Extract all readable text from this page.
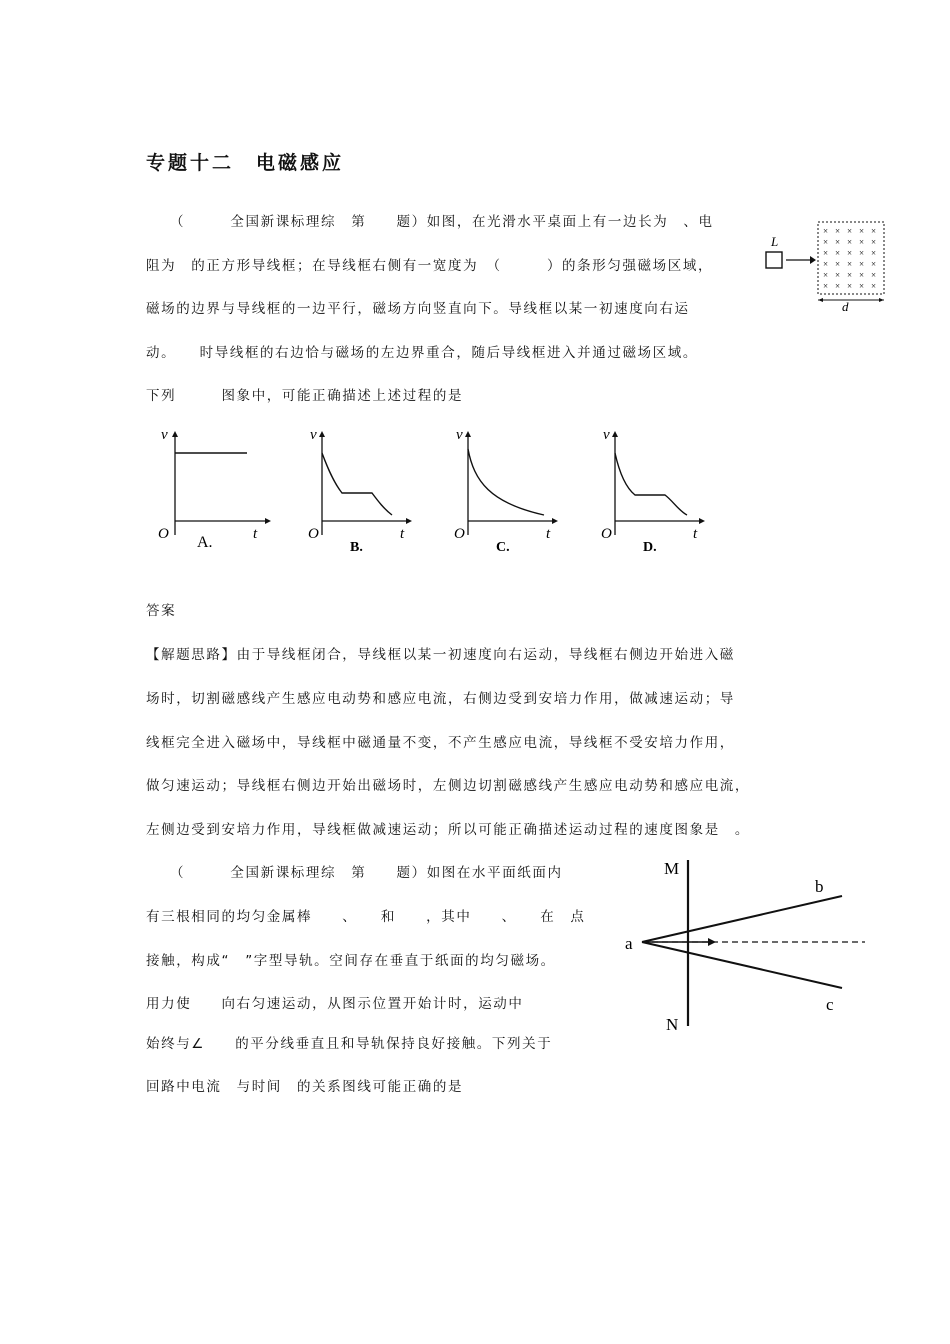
专题十二　电磁感应
（　　　全国新课标理综　第　　题）如图，在光滑水平桌面上有一边长为　、电
阻为　的正方形导线框；在导线框右侧有一宽度为　（　　　）的条形匀强磁场区域，
磁场的边界与导线框的一边平行，磁场方向竖直向下。导线框以某一初速度向右运
动。　　时导线框的右边恰与磁场的左边界重合，随后导线框进入并通过磁场区域。
下列　　　图象中，可能正确描述上述过程的是
L
× × × × ×
× × × × ×
× × × × ×
× × × × ×
× × × × ×
× × × × ×
d
v
O	t
A.
v
O	t
B.
v
O	t
C.
v
O	t
D.
答案
【解题思路】由于导线框闭合，导线框以某一初速度向右运动，导线框右侧边开始进入磁
场时，切割磁感线产生感应电动势和感应电流，右侧边受到安培力作用，做减速运动；导
线框完全进入磁场中，导线框中磁通量不变，不产生感应电流，导线框不受安培力作用，
做匀速运动；导线框右侧边开始出磁场时，左侧边切割磁感线产生感应电动势和感应电流，
左侧边受到安培力作用，导线框做减速运动；所以可能正确描述运动过程的速度图象是　。
（　　　全国新课标理综　第　　题）如图在水平面纸面内
有三根相同的均匀金属棒　　、　　和　　，其中　　、　　在　点
接触，构成“　”字型导轨。空间存在垂直于纸面的均匀磁场。
用力使　　向右匀速运动，从图示位置开始计时，运动中
始终与∠　　的平分线垂直且和导轨保持良好接触。下列关于
回路中电流　与时间　的关系图线可能正确的是
M
N
a
b
c
